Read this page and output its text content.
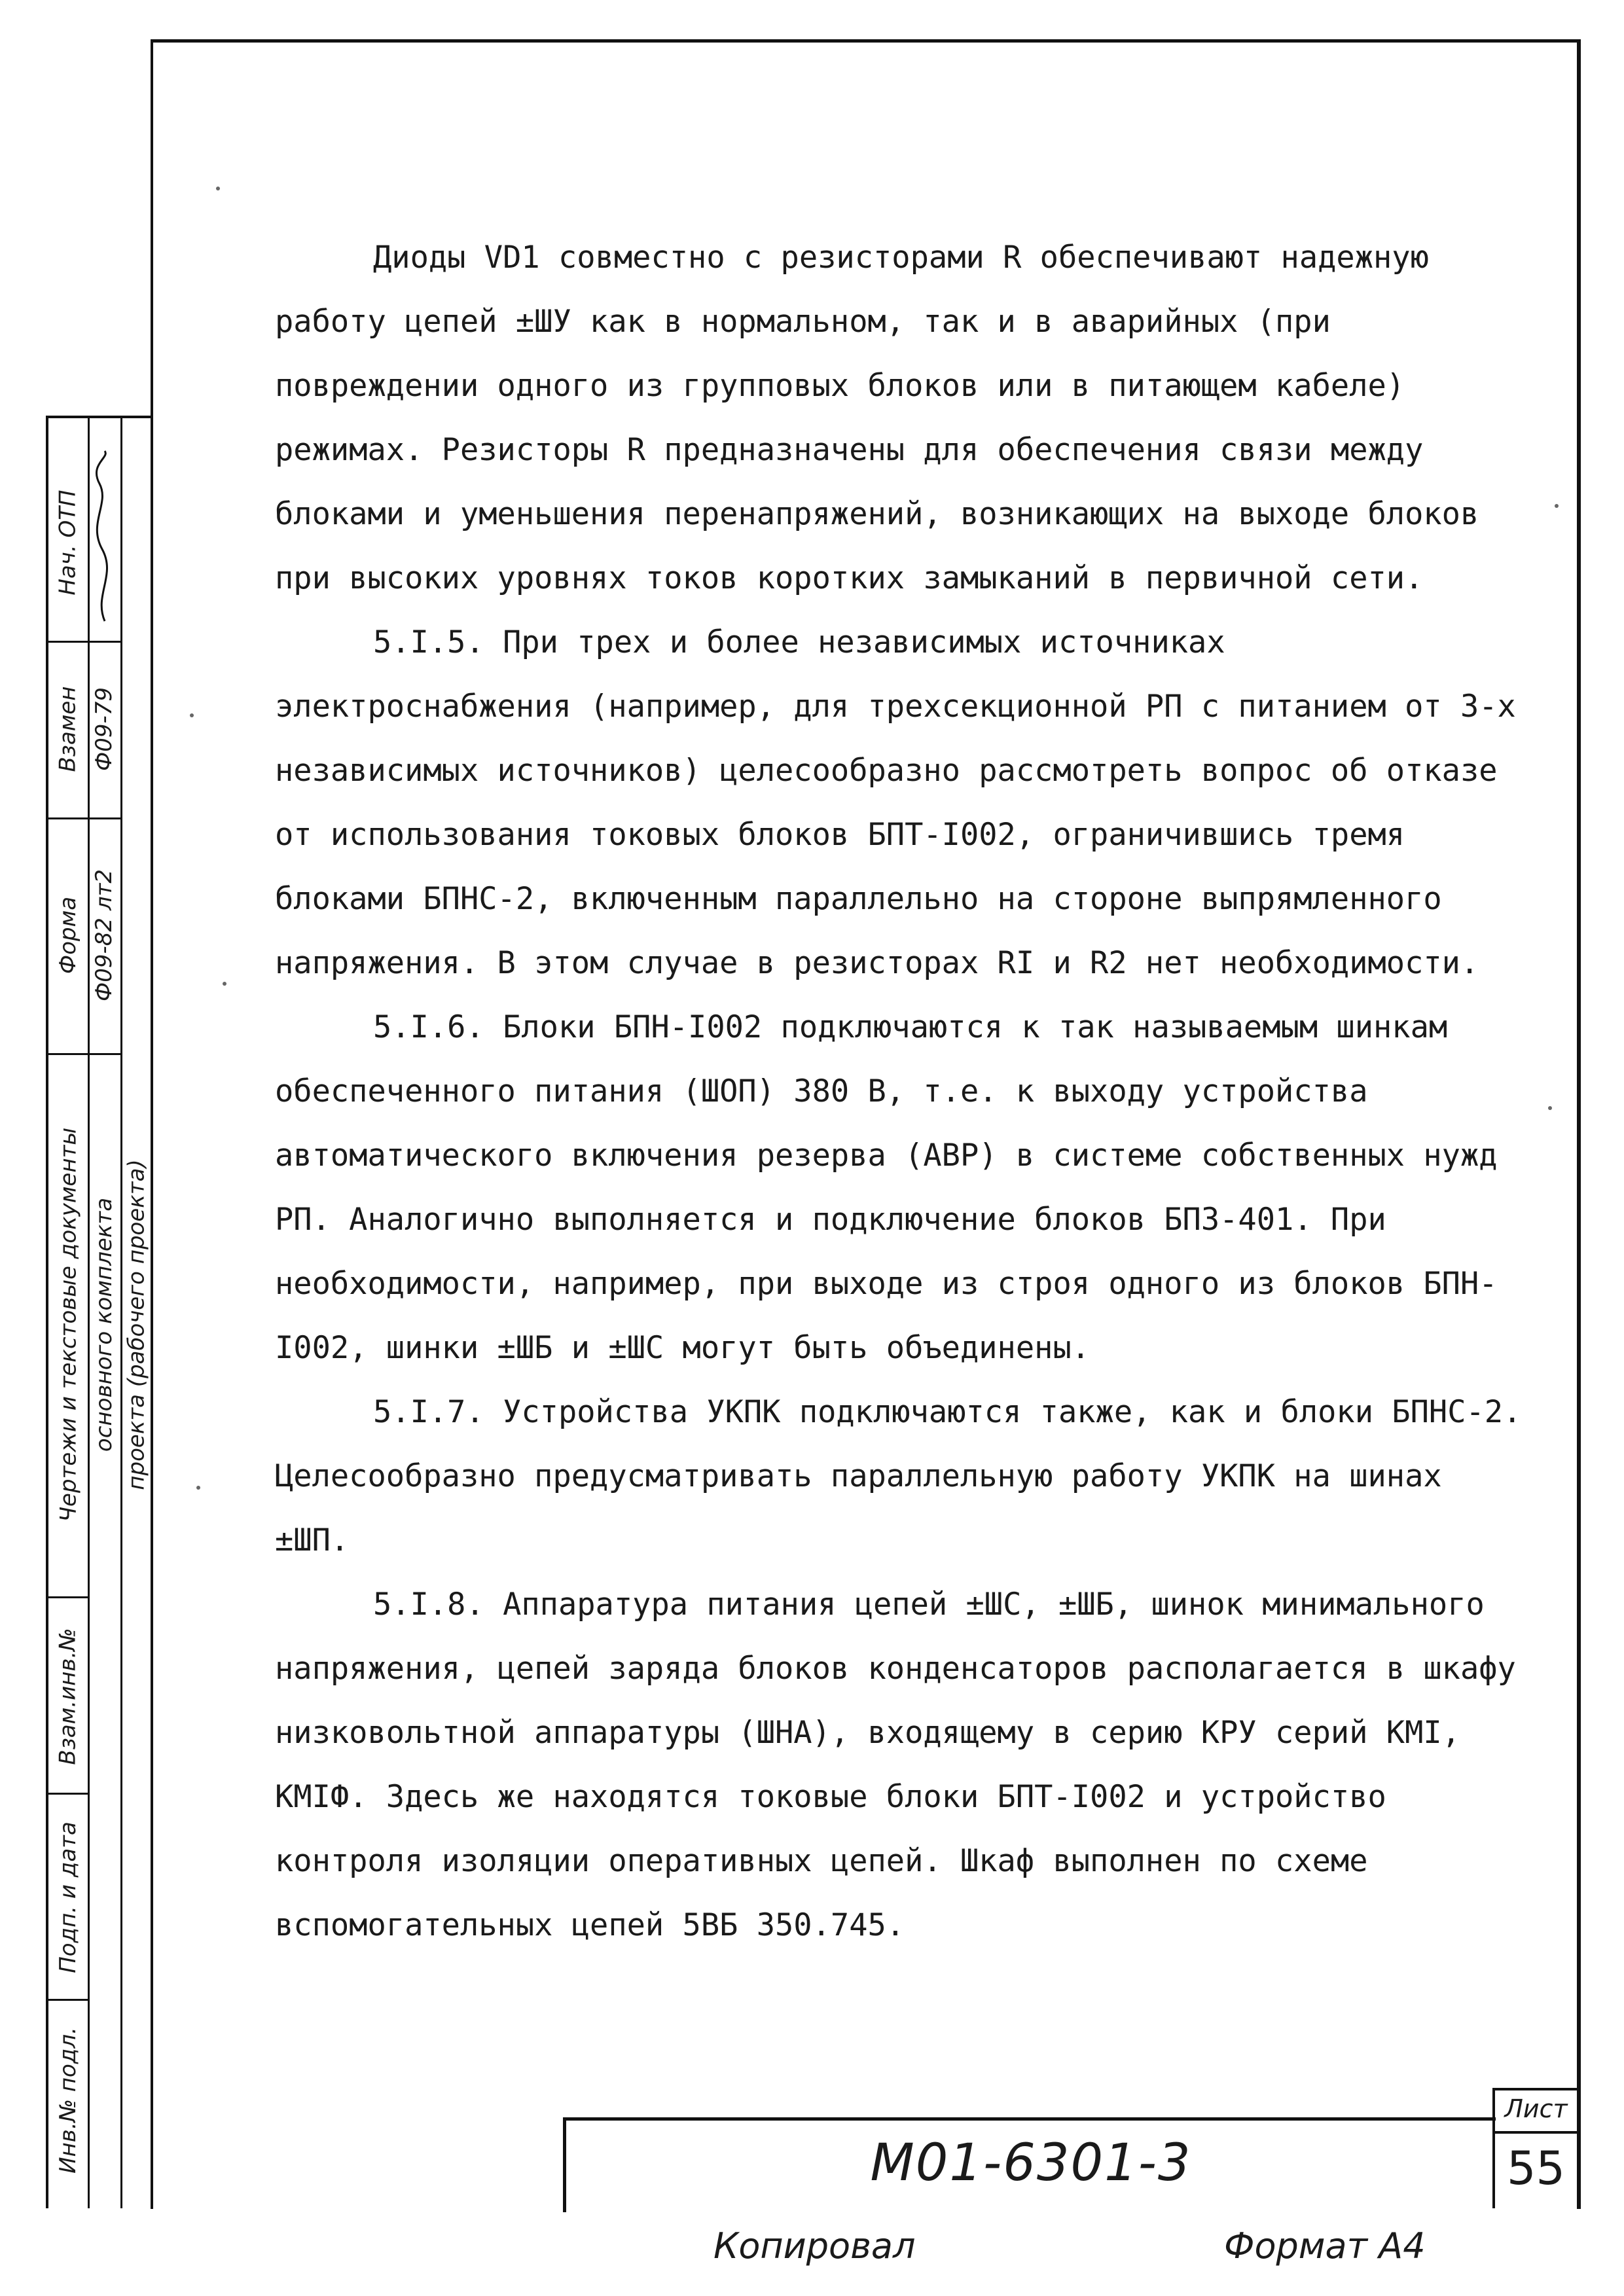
Диоды VD1 совместно с резисторами R обеспечивают надежную работу цепей ±ШУ как в нормальном, так и в аварийных (при повреждении одного из групповых блоков или в питающем кабеле) режимах. Резисторы R предназначены для обеспечения связи между блоками и уменьшения перенапряжений, возникающих на выходе блоков при высоких уровнях токов коротких замыканий в первичной сети.

5.I.5. При трех и более независимых источниках электроснабжения (например, для трехсекционной РП с питанием от 3-х независимых источников) целесообразно рассмотреть вопрос об отказе от использования токовых блоков БПТ-I002, ограничившись тремя блоками БПНС-2, включенным параллельно на стороне выпрямленного напряжения. В этом случае в резисторах RI и R2 нет необходимости.

5.I.6. Блоки БПН-I002 подключаются к так называемым шинкам обеспеченного питания (ШОП) 380 В, т.е. к выходу устройства автоматического включения резерва (АВР) в системе собственных нужд РП. Аналогично выполняется и подключение блоков БПЗ-401. При необходимости, например, при выходе из строя одного из блоков БПН-I002, шинки ±ШБ и ±ШС могут быть объединены.

5.I.7. Устройства УКПК подключаются также, как и блоки БПНС-2. Целесообразно предусматривать параллельную работу УКПК на шинах ±ШП.

5.I.8. Аппаратура питания цепей ±ШС, ±ШБ, шинок минимального напряжения, цепей заряда блоков конденсаторов располагается в шкафу низковольтной аппаратуры (ШНА), входящему в серию КРУ серий КМI, КМIФ. Здесь же находятся токовые блоки БПТ-I002 и устройство контроля изоляции оперативных цепей. Шкаф выполнен по схеме вспомогательных цепей 5ВБ 350.745.

Инв.№ подл.
Подп. и дата
Взам.инв.№
Чертежи и текстовые документы
Форма
Взамен
Нач. ОТП
основного комплекта
Ф09-82 лт2
Ф09-79
проекта (рабочего проекта)
М01-6301-3
Лист
55
Копировал	Формат А4
